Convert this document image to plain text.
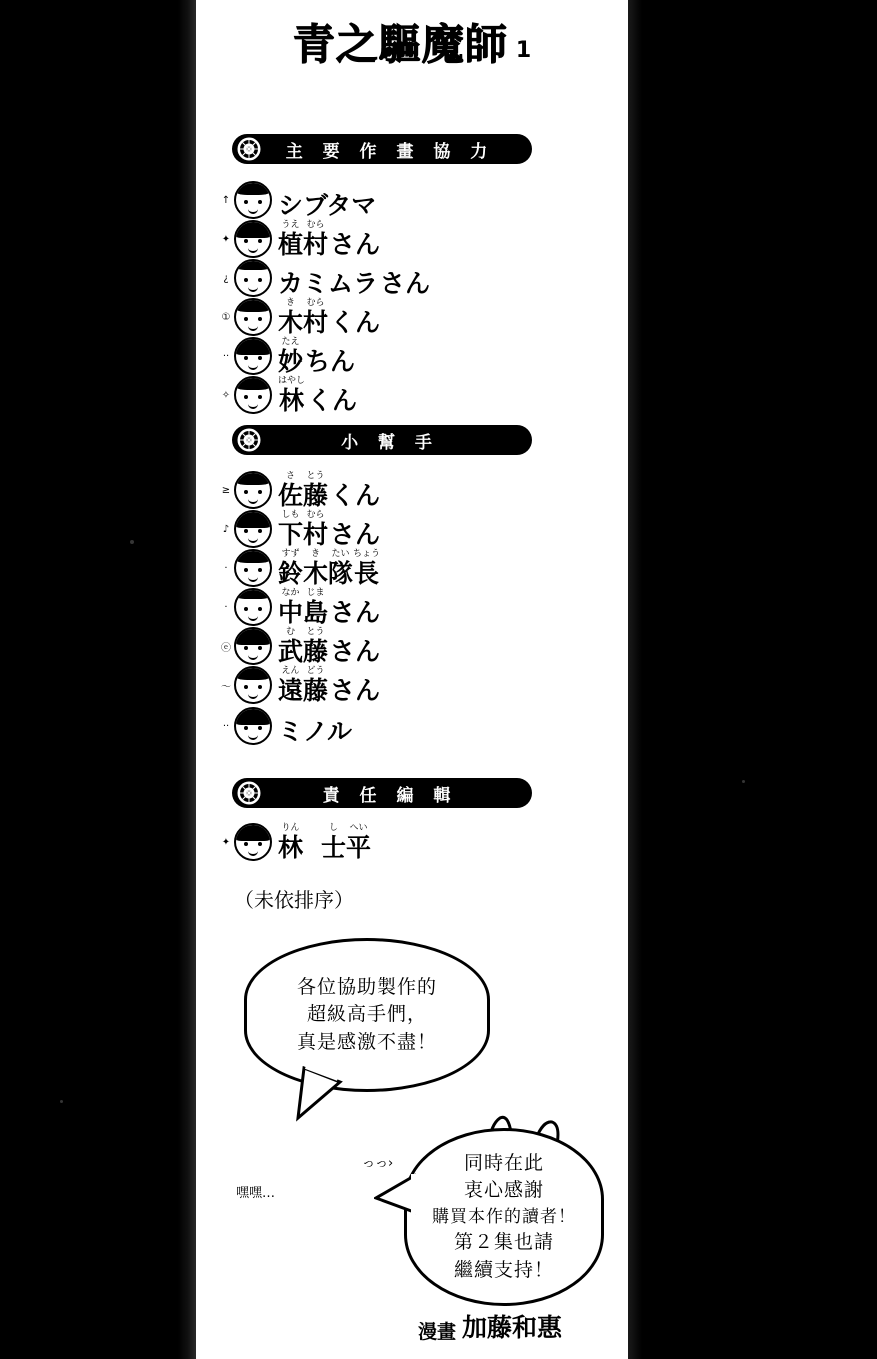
青之驅魔師 1
主 要 作 畫 協 力
↑ シブタマ
✦
うえ
植
むら
村 さん
¿ カミムラ さん
①
き
木
むら
村 くん
··
たえ
妙 ちん
✧
はやし
林 くん
小 幫 手
≥
さ
佐
とう
藤 くん
♪
しも
下
むら
村 さん
·
すず
鈴
き
木
たい
隊
ちょう
長
·
なか
中
じま
島 さん
ⓔ
む
武
とう
藤 さん
〜
えん
遠
どう
藤 さん
·· ミノル
責 任 編 輯
✦
りん
林
し
士
へい
平
（未依排序）
各位協助製作的
超級高手們，
真是感激不盡！
嘿嘿…
っっ›	同時在此
衷心感謝
購買本作的讀者！
第２集也請
繼續支持！
漫畫 加藤和惠
